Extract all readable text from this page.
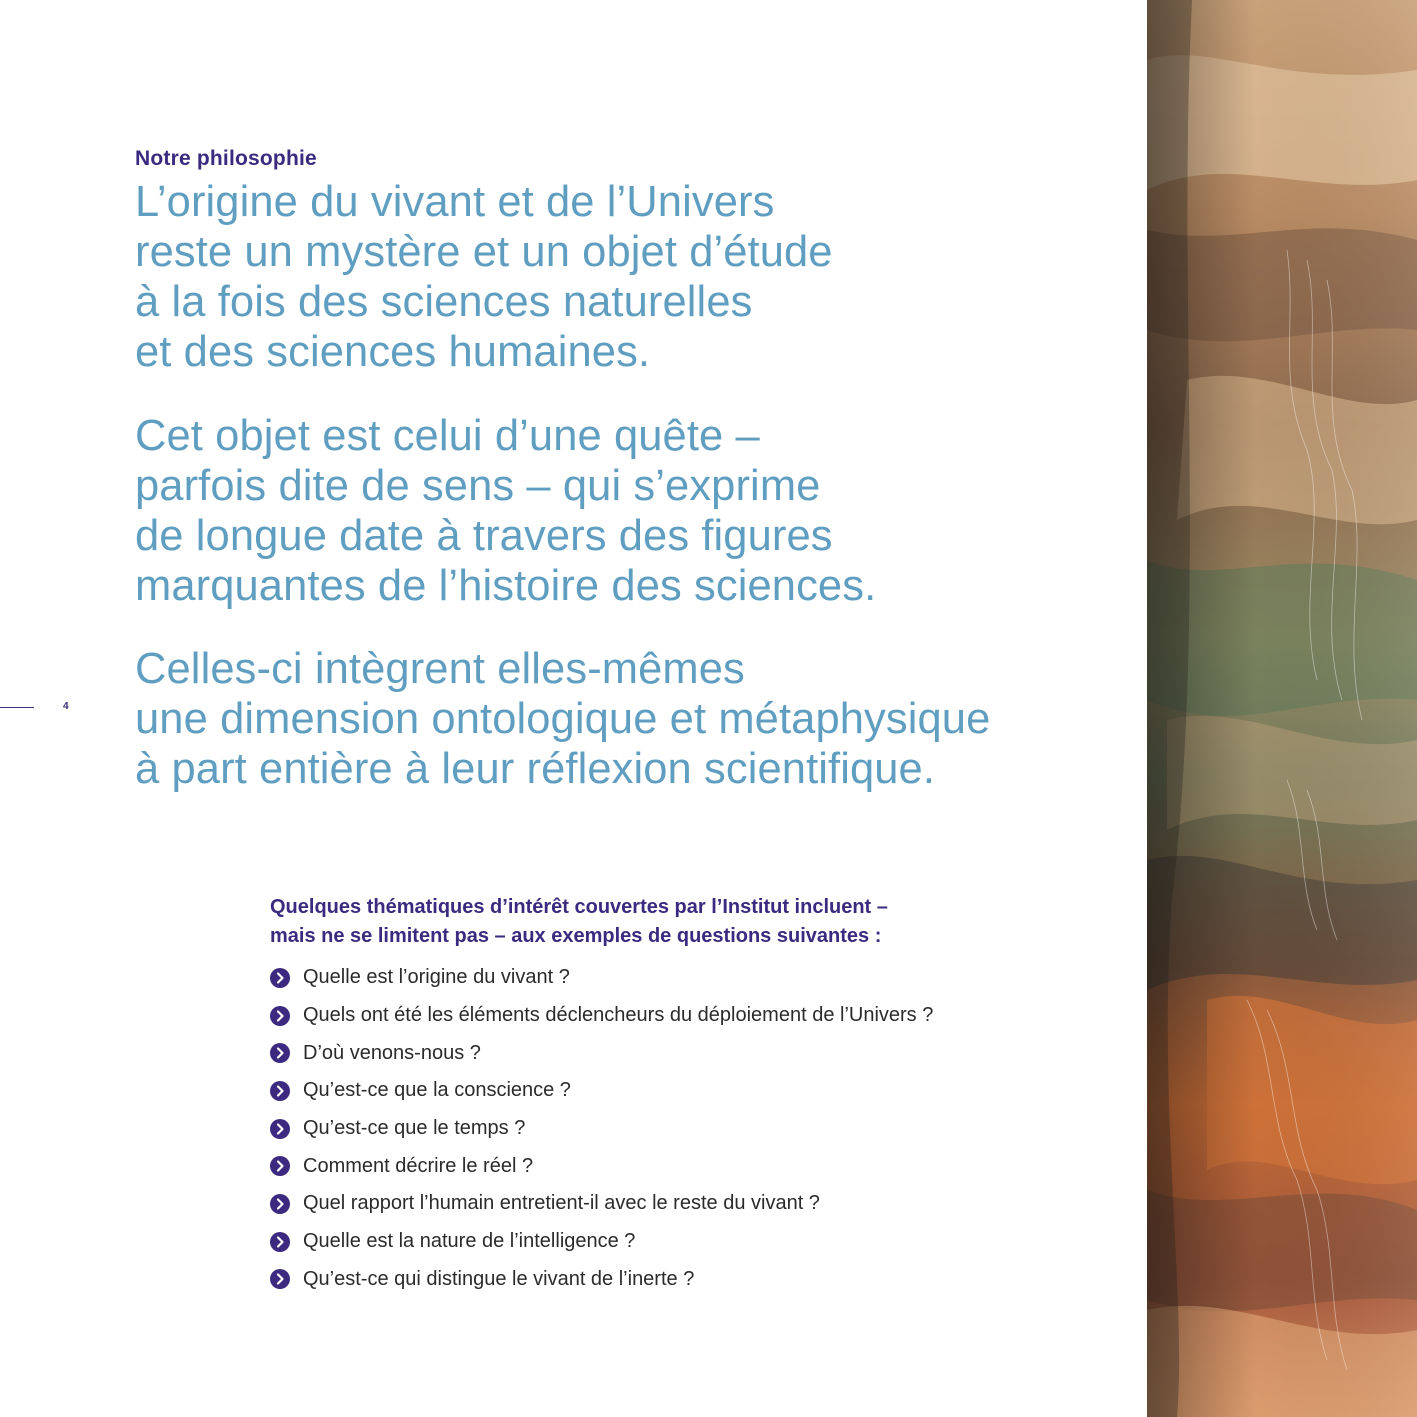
Notre philosophie
L’origine du vivant et de l’Univers
reste un mystère et un objet d’étude
à la fois des sciences naturelles
et des sciences humaines.
Cet objet est celui d’une quête –
parfois dite de sens – qui s’exprime
de longue date à travers des figures
marquantes de l’histoire des sciences.
Celles-ci intègrent elles-mêmes
une dimension ontologique et métaphysique
à part entière à leur réflexion scientifique.
4
Quelques thématiques d’intérêt couvertes par l’Institut incluent –
mais ne se limitent pas – aux exemples de questions suivantes :
Quelle est l’origine du vivant ?
Quels ont été les éléments déclencheurs du déploiement de l’Univers ?
D’où venons-nous ?
Qu’est-ce que la conscience ?
Qu’est-ce que le temps ?
Comment décrire le réel ?
Quel rapport l’humain entretient-il avec le reste du vivant ?
Quelle est la nature de l’intelligence ?
Qu’est-ce qui distingue le vivant de l’inerte ?
